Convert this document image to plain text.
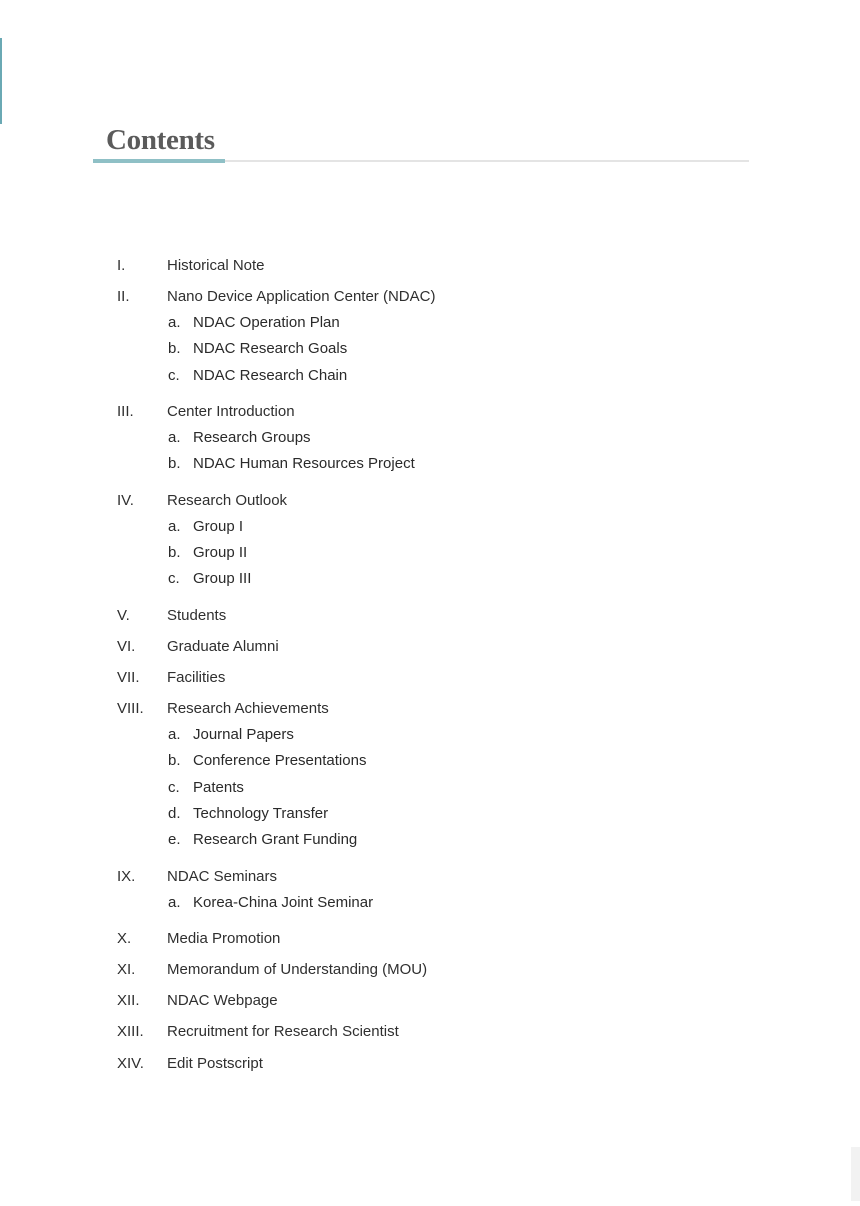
Contents
I.	Historical Note
II. Nano Device Application Center (NDAC)
a. NDAC Operation Plan
b. NDAC Research Goals
c. NDAC Research Chain
III. Center Introduction
a. Research Groups
b. NDAC Human Resources Project
IV. Research Outlook
a. Group I
b. Group II
c. Group III
V. Students
VI. Graduate Alumni
VII. Facilities
VIII. Research Achievements
a. Journal Papers
b. Conference Presentations
c. Patents
d. Technology Transfer
e. Research Grant Funding
IX. NDAC Seminars
a. Korea-China Joint Seminar
X. Media Promotion
XI. Memorandum of Understanding (MOU)
XII. NDAC Webpage
XIII. Recruitment for Research Scientist
XIV. Edit Postscript
